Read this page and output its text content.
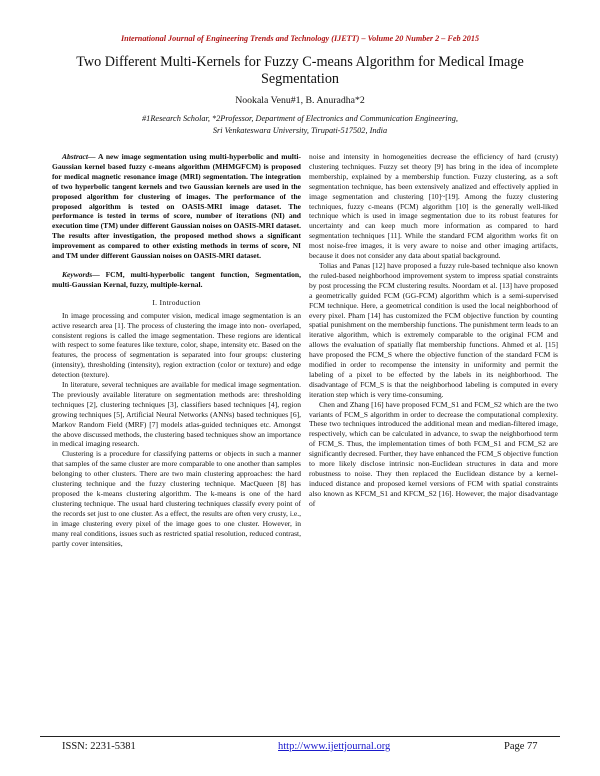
International Journal of Engineering Trends and Technology (IJETT) – Volume 20 Number 2 – Feb 2015
Two Different Multi-Kernels for Fuzzy C-means Algorithm for Medical Image Segmentation
Nookala Venu#1, B. Anuradha*2
#1Research Scholar, *2Professor, Department of Electronics and Communication Engineering,
Sri Venkateswara University, Tirupati-517502, India

Abstract— A new image segmentation using multi-hyperbolic and multi-Gaussian kernel based fuzzy c-means algorithm (MHMGFCM) is proposed for medical magnetic resonance image (MRI) segmentation. The integration of two hyperbolic tangent kernels and two Gaussian kernels are used in the proposed algorithm for clustering of images. The performance of the proposed algorithm is tested on OASIS-MRI image dataset. The performance is tested in terms of score, number of iterations (NI) and execution time (TM) under different Gaussian noises on OASIS-MRI dataset. The results after investigation, the proposed method shows a significant improvement as compared to other existing methods in terms of score, NI and TM under different Gaussian noises on OASIS-MRI dataset.

Keywords— FCM, multi-hyperbolic tangent function, Segmentation, multi-Gaussian Kernal, fuzzy, multiple-kernal.

I. Introduction

In image processing and computer vision, medical image segmentation is an active research area [1]. The process of clustering the image into non- overlaped, consistent regions is called the image segmentation. These regions are identical with respect to some features like texture, color, shape, intensity etc. Based on the features, the process of segmentation is separated into four groups: clustering (intensity), thresholding (intensity), region extraction (color or texture) and edge detection (texture).

In literature, several techniques are available for medical image segmentation. The previously available literature on segmentation methods are: thresholding techniques [2], clustering techniques [3], classifiers based techniques [4], region growing techniques [5], Artificial Neural Networks (ANNs) based techniques [6], Markov Random Field (MRF) [7] models atlas-guided techniques etc. Amongst the above discussed methods, the clustering based techniques show an importance in medical imaging research.

Clustering is a procedure for classifying patterns or objects in such a manner that samples of the same cluster are more comparable to one another than samples belonging to other clusters. There are two main clustering approaches: the hard clustering technique and the fuzzy clustering technique. MacQueen [8] has proposed the k-means clustering algorithm. The k-means is one of the hard clustering technique. The usual hard clustering techniques classify every point of the records set just to one cluster. As a effect, the results are often very crusty, i.e., in image clustering every pixel of the image goes to one cluster. However, in many real conditions, issues such as restricted spatial resolution, reduced contrast, partly cover intensities,

noise and intensity in homogeneities decrease the efficiency of hard (crusty) clustering techniques. Fuzzy set theory [9] has bring in the idea of incomplete membership, explained by a membership function. Fuzzy clustering, as a soft segmentation technique, has been extensively analized and effectively applied in image segmentation and clustering [10]~[19]. Among the fuzzy clustering techniques, fuzzy c-means (FCM) algorithm [10] is the generally well-liked technique which is used in image segmentation due to its robust features for uncertainty and can keep much more information as compared to hard segmentation techniques [11]. While the standard FCM algorithm works fit on most noise-free images, it is very aware to noise and other imaging artifacts, because it does not consider any data about spatial background.

Tolias and Panas [12] have proposed a fuzzy rule-based technique also known the ruled-based neighborhood improvement system to impress spatial constraints by post processing the FCM clustering results. Noordam et al. [13] have proposed a geometrically guided FCM (GG-FCM) algorithm which is a semi-supervised FCM technique. Here, a geometrical condition is used the local neighborhood of every pixel. Pham [14] has customized the FCM objective function by counting spatial punishment on the membership functions. The punishment term leads to an iterative algorithm, which is extremely comparable to the original FCM and allows the evaluation of spatially flat membership functions. Ahmed et al. [15] have proposed the FCM_S where the objective function of the standard FCM is modified in order to recompense the intensity in uniformity and permit the labeling of a pixel to be effected by the labels in its neighborhood. The disadvantage of FCM_S is that the neighborhood labeling is computed in every iteration step which is very time-consuming.

Chen and Zhang [16] have proposed FCM_S1 and FCM_S2 which are the two variants of FCM_S algorithm in order to decrease the computational complexity. These two techniques introduced the additional mean and median-filtered image, respectively, which can be calculated in advance, to swap the neighborhood term of FCM_S. Thus, the implementation times of both FCM_S1 and FCM_S2 are significantly decresed. Further, they have enhanced the FCM_S objective function to more likely disclose intrinsic non-Euclidean structures in data and more robustness to noise. They then replaced the Euclidean distance by a kernel-induced distance and proposed kernel versions of FCM with spatial constraints also known as KFCM_S1 and KFCM_S2 [16]. However, the major disadvantage of

ISSN: 2231-5381	http://www.ijettjournal.org	Page 77
